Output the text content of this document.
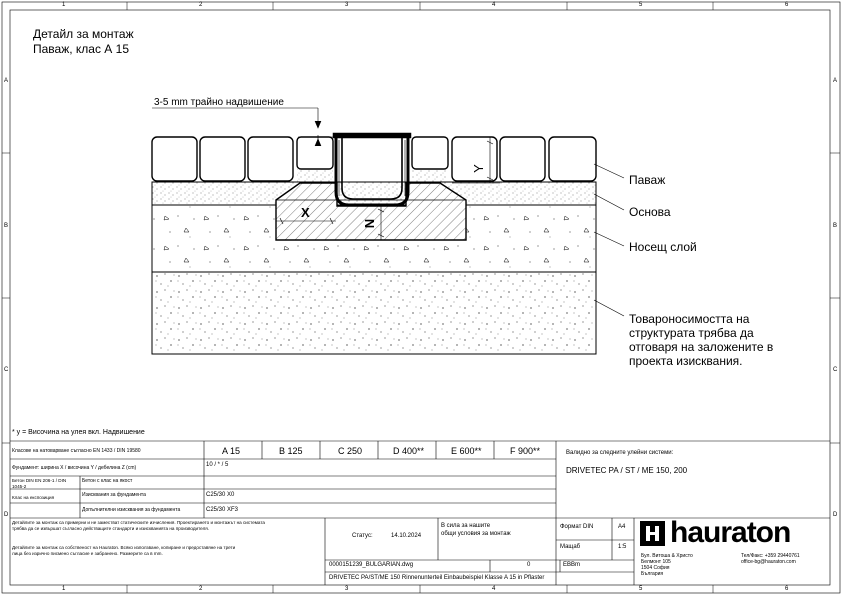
Детайл за монтаж
Паваж, клас А 15
1	2	3	4	5	6
1	2	3	4	5	6
A
B
C
D
A
B
C
D
3-5 mm трайно надвишение
X
N
Y
Паваж
Основа
Носещ слой
Товароносимостта на
структурата трябва да
отговаря на заложените в
проекта изисквания.
* y = Височина на улея вкл. Надвишение
Класове на натоварване съгласно EN 1433 / DIN 19580	A 15	B 125	C 250	D 400**	E 600**	F 900**
Фундамент: ширина X / височина Y / дебелина Z (cm)	10 / * / 5
Бетон DIN EN 206-1 / DIN 1045-2
Бетон с клас на якост
Изисквания за фундамента	C25/30 X0
Клас на експозиция
Допълнителни изисквания за фундамента	C25/30 XF3
Валидно за следните улейни системи:
DRIVETEC PA / ST / ME 150, 200
Детайлите за монтаж са примерни и не заместват статическите изчисления. Проектирането и монтажът на системата
трябва да се извършат съгласно действащите стандарти и изискванията на производителя.
Детайлите за монтаж са собственост на Hauraton. Всяко използване, копиране и предоставяне на трети
лица без изрично писмено съгласие е забранено. Размерите са в mm.
Статус:	14.10.2024
В сила за нашите
общи условия за монтаж
Формат DIN	A4
Мащаб	1:5
0000151239_BULGARIAN.dwg	0	EBBm
DRIVETEC PA/ST/ME 150 Rinnenunterteil Einbaubeispiel Klasse A 15 in Pflaster
hauraton
Бул. Витоша & Христо
Белмонт 105
1504 София
България
Тел/Факс: +359 29440761
office-bg@hauraton.com
